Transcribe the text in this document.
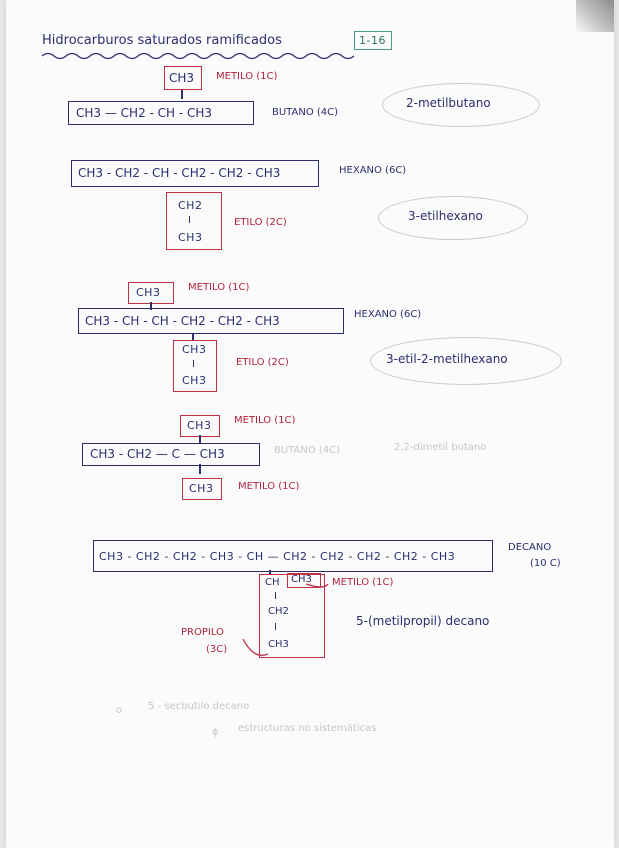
Hidrocarburos saturados ramificados	1-16
CH3 METILO (1C)
CH3 — CH2 - CH - CH3	BUTANO (4C)
2-metilbutano
CH3 - CH2 - CH - CH2 - CH2 - CH3	HEXANO (6C)
CH2
I
CH3
ETILO (2C)	3-etilhexano
CH3	METILO (1C)
CH3 - CH - CH - CH2 - CH2 - CH3	HEXANO (6C)
CH3
I
CH3
ETILO (2C)	3-etil-2-metilhexano
CH3 METILO (1C)
CH3 - CH2 — C — CH3	BUTANO (4C)	2,2-dimetil butano
CH3 METILO (1C)
CH3 - CH2 - CH2 - CH3 - CH — CH2 - CH2 - CH2 - CH2 - CH3
DECANO
(10 C)
CH CH3 METILO (1C)
I
CH2
I
CH3
PROPILO
(3C)
5-(metilpropil) decano
o	5 - secbutilo decano
ɸ estructuras no sistemáticas
